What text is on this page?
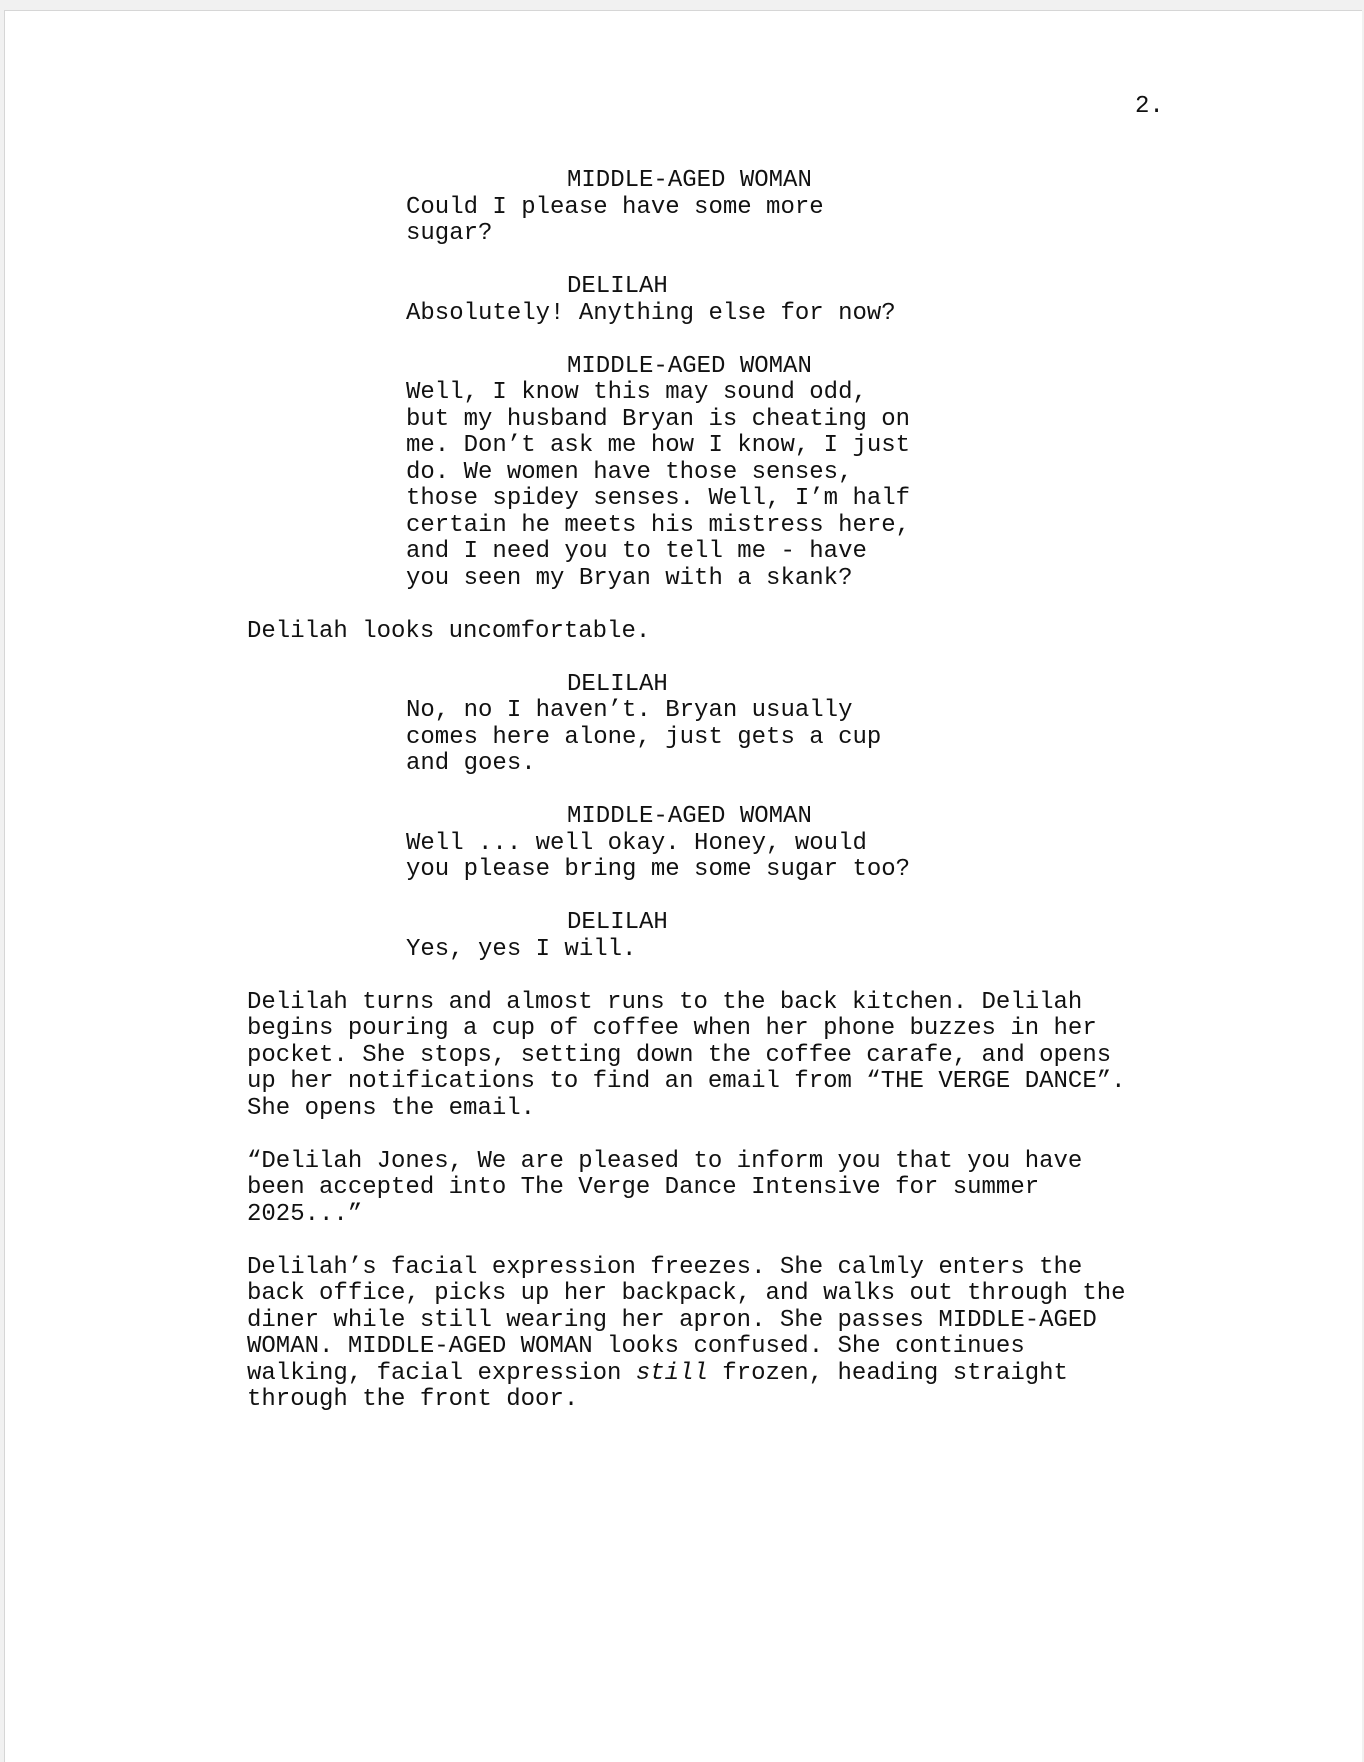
2.
MIDDLE-AGED WOMAN
Could I please have some more
sugar?
DELILAH
Absolutely! Anything else for now?
MIDDLE-AGED WOMAN
Well, I know this may sound odd,
but my husband Bryan is cheating on
me. Don’t ask me how I know, I just
do. We women have those senses,
those spidey senses. Well, I’m half
certain he meets his mistress here,
and I need you to tell me - have
you seen my Bryan with a skank?
Delilah looks uncomfortable.
DELILAH
No, no I haven’t. Bryan usually
comes here alone, just gets a cup
and goes.
MIDDLE-AGED WOMAN
Well ... well okay. Honey, would
you please bring me some sugar too?
DELILAH
Yes, yes I will.
Delilah turns and almost runs to the back kitchen. Delilah
begins pouring a cup of coffee when her phone buzzes in her
pocket. She stops, setting down the coffee carafe, and opens
up her notifications to find an email from “THE VERGE DANCE”.
She opens the email.
“Delilah Jones, We are pleased to inform you that you have
been accepted into The Verge Dance Intensive for summer
2025...”
Delilah’s facial expression freezes. She calmly enters the
back office, picks up her backpack, and walks out through the
diner while still wearing her apron. She passes MIDDLE-AGED
WOMAN. MIDDLE-AGED WOMAN looks confused. She continues
walking, facial expression still frozen, heading straight
through the front door.
